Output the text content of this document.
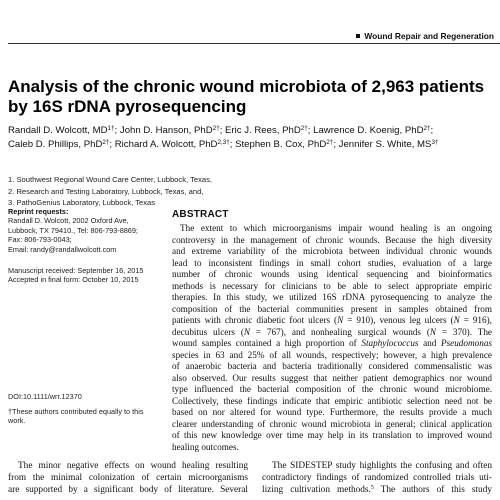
Wound Repair and Regeneration
Analysis of the chronic wound microbiota of 2,963 patients
by 16S rDNA pyrosequencing
Randall D. Wolcott, $MD^{1\dagger}$; John D. Hanson, PhD$^{2\dagger}$; Eric J. Rees, PhD$^{2\dagger}$; Lawrence D. Koenig, PhD$^{2\dagger}$;
Caleb D. Phillips, PhD$^{2\dagger}$; Richard A. Wolcott, PhD$^{2,3\dagger}$; Stephen B. Cox, PhD$^{2\dagger}$; Jennifer S. White, $MS^{3\dagger}$
1. Southwest Regional Wound Care Center, Lubbock, Texas,
2. Research and Testing Laboratory, Lubbock, Texas, and,
3. PathoGenius Laboratory, Lubbock, Texas
Reprint requests:
Randall D. Wolcott, 2002 Oxford Ave,
Lubbock, TX 79410., Tel: 806-793-8869;
Fax: 806-793-0043;
Email: randy@randallwolcott.com
Manuscript received: September 16, 2015
Accepted in final form: October 10, 2015
DOI:10.1111/wrr.12370
†These authors contributed equally to this
work.
ABSTRACT
The extent to which microorganisms impair wound healing is an ongoing
controversy in the management of chronic wounds. Because the high diversity
and extreme variability of the microbiota between individual chronic wounds
lead to inconsistent findings in small cohort studies, evaluation of a large
number of chronic wounds using identical sequencing and bioinformatics
methods is necessary for clinicians to be able to select appropriate empiric
therapies. In this study, we utilized 16S rDNA pyrosequencing to analyze the
composition of the bacterial communities present in samples obtained from
patients with chronic diabetic foot ulcers (N = 910), venous leg ulcers (N = 916),
decubitus ulcers (N = 767), and nonhealing surgical wounds (N = 370). The
wound samples contained a high proportion of Staphylococcus and Pseudomonas
species in 63 and 25% of all wounds, respectively; however, a high prevalence
of anaerobic bacteria and bacteria traditionally considered commensalistic was
also observed. Our results suggest that neither patient demographics nor wound
type influenced the bacterial composition of the chronic wound microbiome.
Collectively, these findings indicate that empiric antibiotic selection need not be
based on nor altered for wound type. Furthermore, the results provide a much
clearer understanding of chronic wound microbiota in general; clinical application
of this new knowledge over time may help in its translation to improved wound
healing outcomes.
The minor negative effects on wound healing resulting
from the minimal colonization of certain microorganisms
are supported by a significant body of literature. Several
The SIDESTEP study highlights the confusing and often
contradictory findings of randomized controlled trials uti-
lizing cultivation methods.$^5$ The authors of this study
